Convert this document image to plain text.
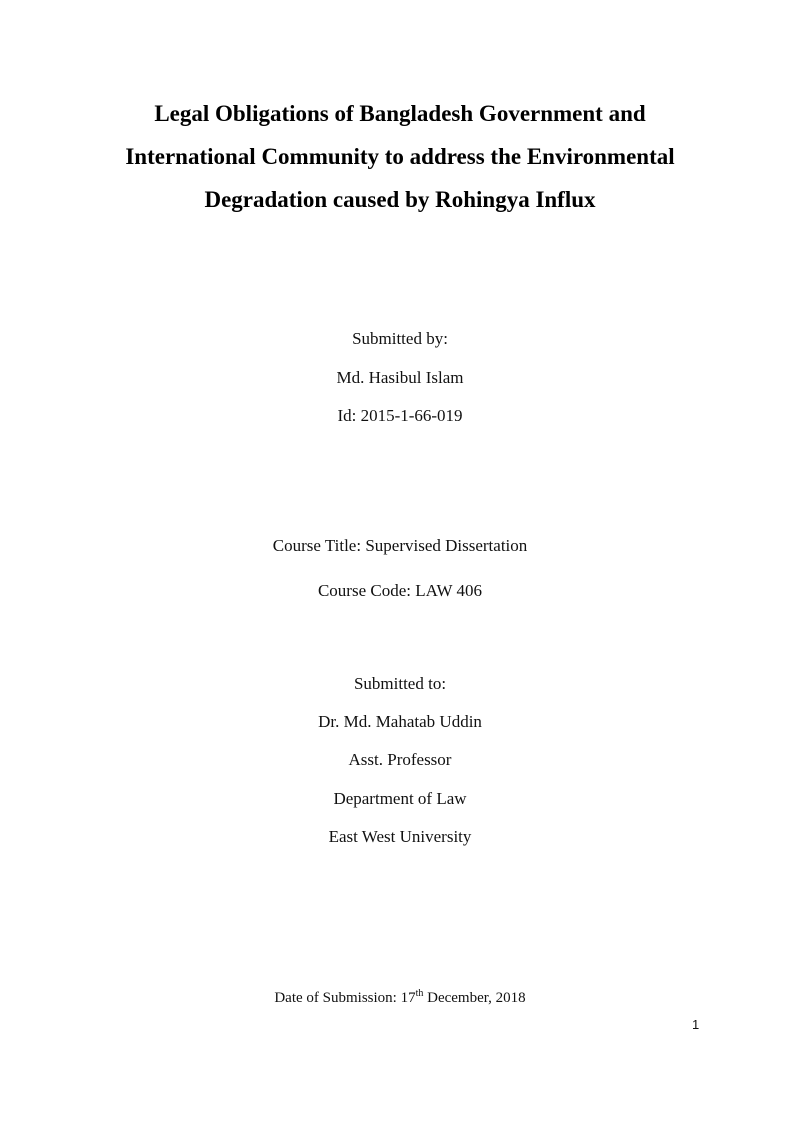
Legal Obligations of Bangladesh Government and
International Community to address the Environmental
Degradation caused by Rohingya Influx
Submitted by:
Md. Hasibul Islam
Id: 2015-1-66-019
Course Title: Supervised Dissertation
Course Code: LAW 406
Submitted to:
Dr. Md. Mahatab Uddin
Asst. Professor
Department of Law
East West University
Date of Submission: 17th December, 2018
1
